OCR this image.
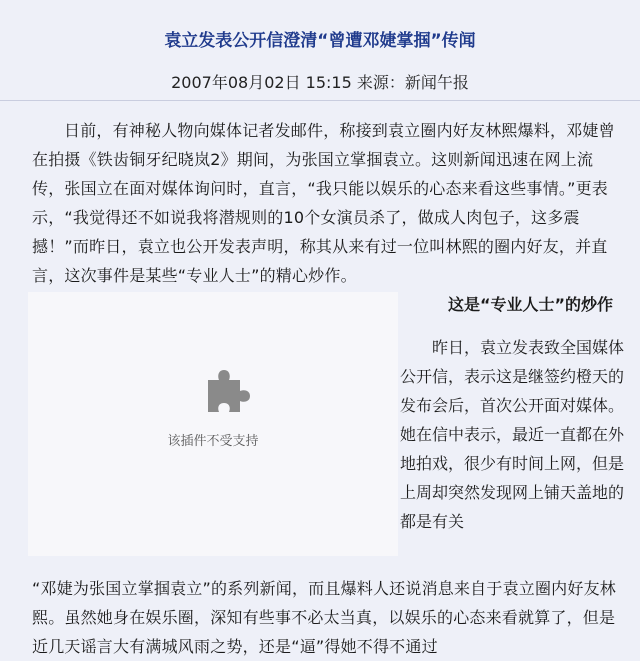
袁立发表公开信澄清“曾遭邓婕掌掴”传闻
2007年08月02日 15:15 来源：新闻午报
日前，有神秘人物向媒体记者发邮件，称接到袁立圈内好友林熙爆料，邓婕曾在拍摄《铁齿铜牙纪晓岚2》期间，为张国立掌掴袁立。这则新闻迅速在网上流传，张国立在面对媒体询问时，直言，“我只能以娱乐的心态来看这些事情。”更表示，“我觉得还不如说我将潜规则的10个女演员杀了，做成人肉包子，这多震撼！”而昨日，袁立也公开发表声明，称其从来有过一位叫林熙的圈内好友，并直言，这次事件是某些“专业人士”的精心炒作。
该插件不受支持
这是“专业人士”的炒作
昨日，袁立发表致全国媒体公开信，表示这是继签约橙天的发布会后，首次公开面对媒体。她在信中表示，最近一直都在外地拍戏，很少有时间上网，但是上周却突然发现网上铺天盖地的都是有关
“邓婕为张国立掌掴袁立”的系列新闻，而且爆料人还说消息来自于袁立圈内好友林熙。虽然她身在娱乐圈，深知有些事不必太当真，以娱乐的心态来看就算了，但是近几天谣言大有满城风雨之势，还是“逼”得她不得不通过
